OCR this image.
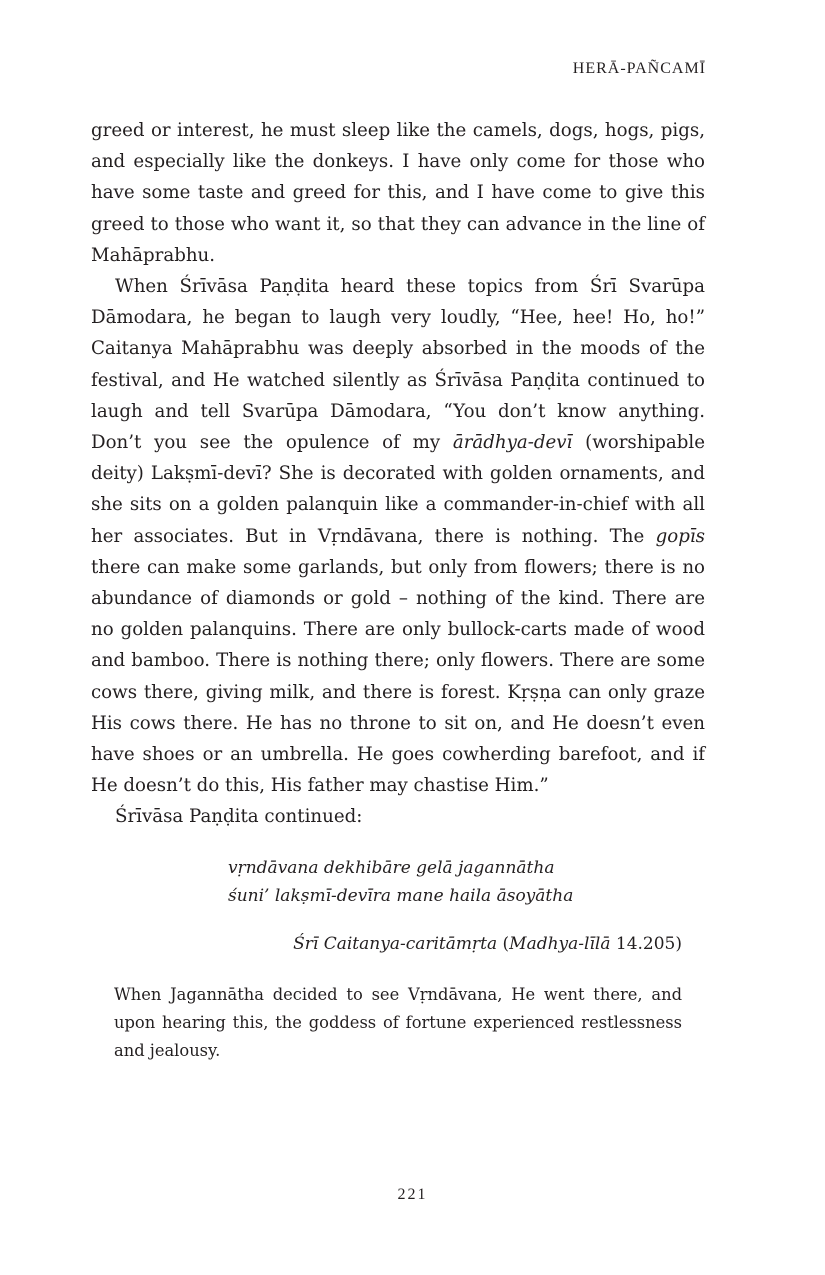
HERĀ-PAÑCAMĪ

greed or interest, he must sleep like the camels, dogs, hogs, pigs, and especially like the donkeys. I have only come for those who have some taste and greed for this, and I have come to give this greed to those who want it, so that they can advance in the line of Mahāprabhu.

When Śrīvāsa Paṇḍita heard these topics from Śrī Svarūpa Dāmodara, he began to laugh very loudly, “Hee, hee! Ho, ho!” Caitanya Mahāprabhu was deeply absorbed in the moods of the festival, and He watched silently as Śrīvāsa Paṇḍita continued to laugh and tell Svarūpa Dāmodara, “You don’t know anything. Don’t you see the opulence of my ārādhya-devī (worshipable deity) Lakṣmī-devī? She is decorated with golden ornaments, and she sits on a golden palanquin like a commander-in-chief with all her associates. But in Vṛndāvana, there is nothing. The gopīs there can make some garlands, but only from flowers; there is no abundance of diamonds or gold – nothing of the kind. There are no golden palanquins. There are only bullock-carts made of wood and bamboo. There is nothing there; only flowers. There are some cows there, giving milk, and there is forest. Kṛṣṇa can only graze His cows there. He has no throne to sit on, and He doesn’t even have shoes or an umbrella. He goes cowherding barefoot, and if He doesn’t do this, His father may chastise Him.”

Śrīvāsa Paṇḍita continued:

vṛndāvana dekhibāre gelā jagannātha
śuni’ lakṣmī-devīra mane haila āsoyātha
Śrī Caitanya-caritāmṛta (Madhya-līlā 14.205)

When Jagannātha decided to see Vṛndāvana, He went there, and upon hearing this, the goddess of fortune experienced restlessness and jealousy.

221
